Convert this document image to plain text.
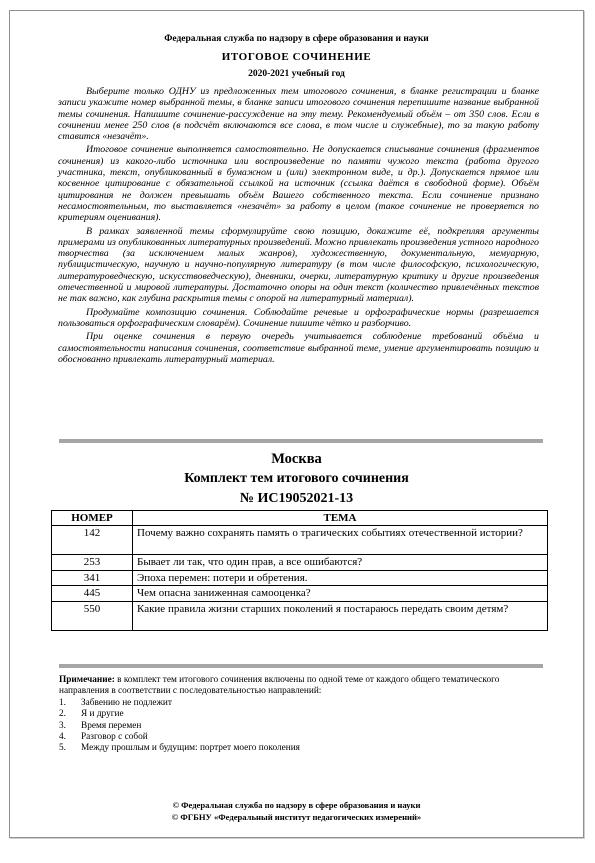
Федеральная служба по надзору в сфере образования и науки
ИТОГОВОЕ СОЧИНЕНИЕ
2020-2021 учебный год

Выберите только ОДНУ из предложенных тем итогового сочинения, в бланке регистрации и бланке записи укажите номер выбранной темы, в бланке записи итогового сочинения перепишите название выбранной темы сочинения. Напишите сочинение-рассуждение на эту тему. Рекомендуемый объём – от 350 слов. Если в сочинении менее 250 слов (в подсчёт включаются все слова, в том числе и служебные), то за такую работу ставится «незачёт».

Итоговое сочинение выполняется самостоятельно. Не допускается списывание сочинения (фрагментов сочинения) из какого-либо источника или воспроизведение по памяти чужого текста (работа другого участника, текст, опубликованный в бумажном и (или) электронном виде, и др.). Допускается прямое или косвенное цитирование с обязательной ссылкой на источник (ссылка даётся в свободной форме). Объём цитирования не должен превышать объём Вашего собственного текста. Если сочинение признано несамостоятельным, то выставляется «незачёт» за работу в целом (такое сочинение не проверяется по критериям оценивания).

В рамках заявленной темы сформулируйте свою позицию, докажите её, подкрепляя аргументы примерами из опубликованных литературных произведений. Можно привлекать произведения устного народного творчества (за исключением малых жанров), художественную, документальную, мемуарную, публицистическую, научную и научно-популярную литературу (в том числе философскую, психологическую, литературоведческую, искусствоведческую), дневники, очерки, литературную критику и другие произведения отечественной и мировой литературы. Достаточно опоры на один текст (количество привлечённых текстов не так важно, как глубина раскрытия темы с опорой на литературный материал).

Продумайте композицию сочинения. Соблюдайте речевые и орфографические нормы (разрешается пользоваться орфографическим словарём). Сочинение пишите чётко и разборчиво.

При оценке сочинения в первую очередь учитывается соблюдение требований объёма и самостоятельности написания сочинения, соответствие выбранной теме, умение аргументировать позицию и обоснованно привлекать литературный материал.

Москва
Комплект тем итогового сочинения
№ ИС19052021-13
НОМЕР	ТЕМА
142	Почему важно сохранять память о трагических событиях отечественной истории?
253	Бывает ли так, что один прав, а все ошибаются?
341	Эпоха перемен: потери и обретения.
445	Чем опасна заниженная самооценка?
550	Какие правила жизни старших поколений я постараюсь передать своим детям?
Примечание: в комплект тем итогового сочинения включены по одной теме от каждого общего тематического направления в соответствии с последовательностью направлений:
1.	Забвению не подлежит
2.	Я и другие
3.	Время перемен
4.	Разговор с собой
5.	Между прошлым и будущим: портрет моего поколения
© Федеральная служба по надзору в сфере образования и науки
© ФГБНУ «Федеральный институт педагогических измерений»
